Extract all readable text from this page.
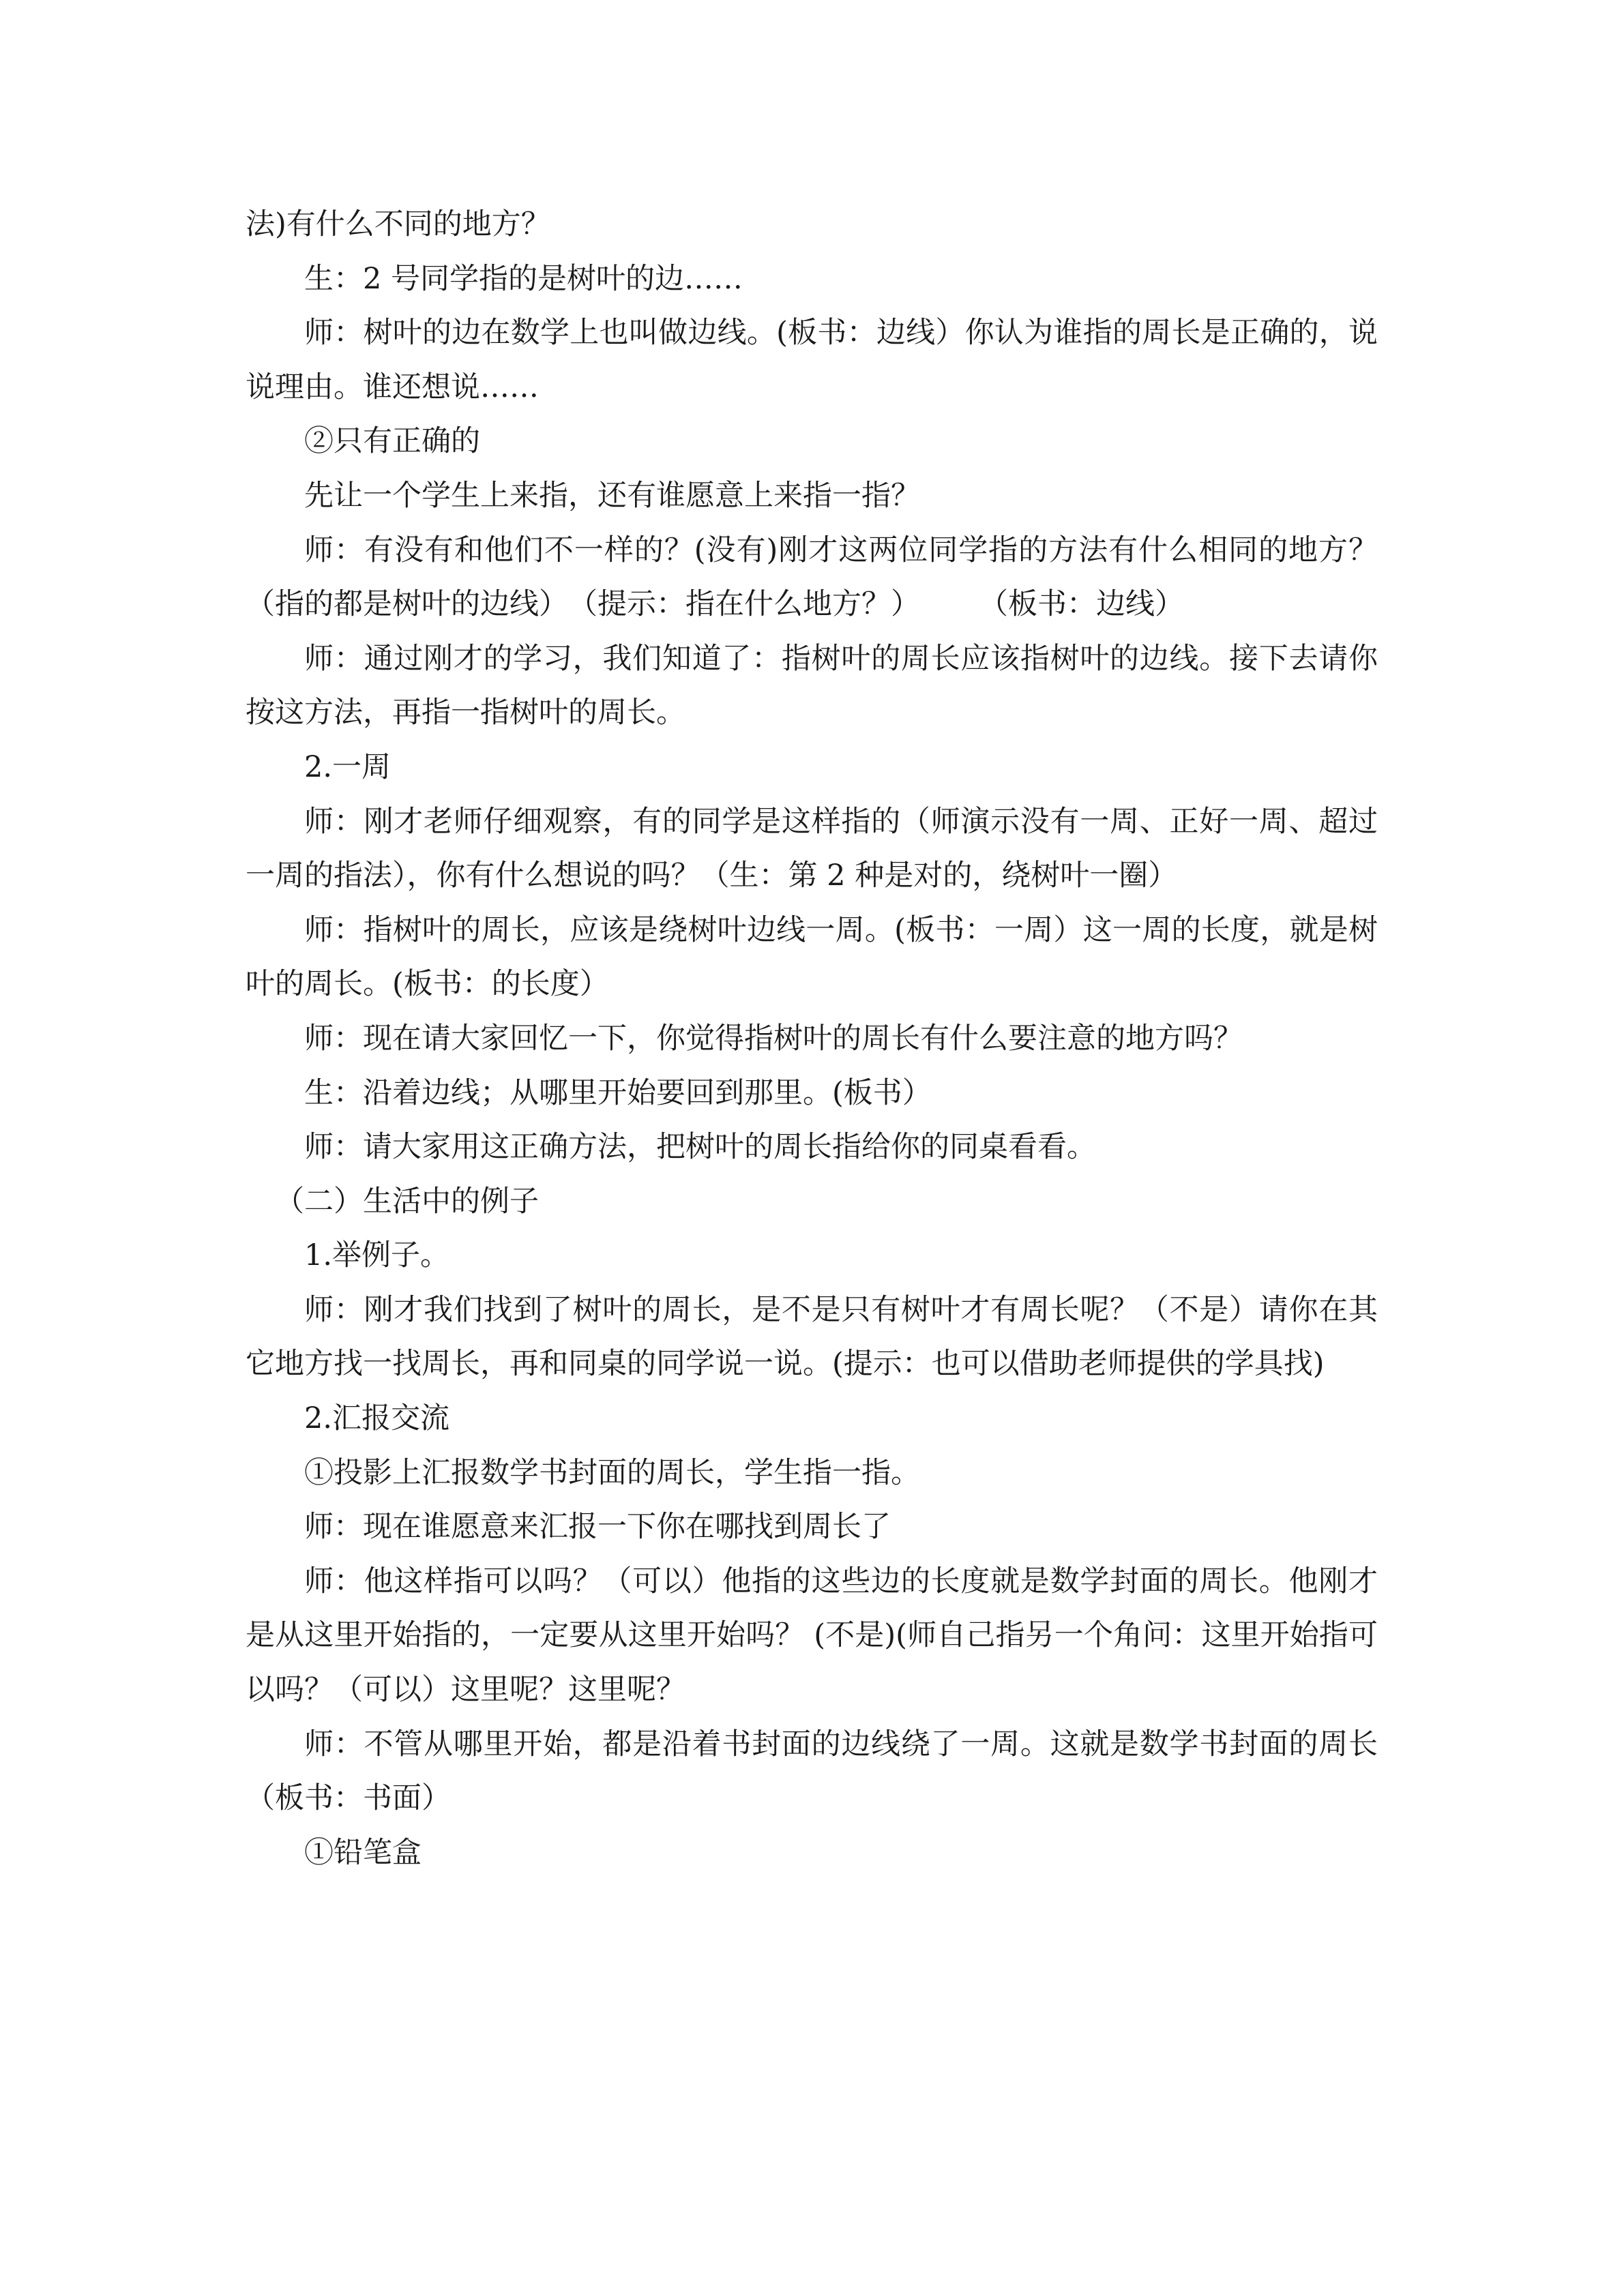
法)有什么不同的地方？

生：2 号同学指的是树叶的边……

师：树叶的边在数学上也叫做边线。(板书：边线）你认为谁指的周长是正确的，说说理由。谁还想说……

②只有正确的

先让一个学生上来指，还有谁愿意上来指一指？

师：有没有和他们不一样的？(没有)刚才这两位同学指的方法有什么相同的地方？（指的都是树叶的边线）　（提示：指在什么地方？）　　　（板书：边线）

师：通过刚才的学习，我们知道了：指树叶的周长应该指树叶的边线。接下去请你按这方法，再指一指树叶的周长。

2.一周

师：刚才老师仔细观察，有的同学是这样指的（师演示没有一周、正好一周、超过一周的指法），你有什么想说的吗？（生：第 2 种是对的，绕树叶一圈）

师：指树叶的周长，应该是绕树叶边线一周。(板书：一周）这一周的长度，就是树叶的周长。(板书：的长度）

师：现在请大家回忆一下，你觉得指树叶的周长有什么要注意的地方吗？

生：沿着边线；从哪里开始要回到那里。(板书）

师：请大家用这正确方法，把树叶的周长指给你的同桌看看。

（二）生活中的例子

1.举例子。

师：刚才我们找到了树叶的周长，是不是只有树叶才有周长呢？（不是）请你在其它地方找一找周长，再和同桌的同学说一说。(提示：也可以借助老师提供的学具找)

2.汇报交流

①投影上汇报数学书封面的周长，学生指一指。

师：现在谁愿意来汇报一下你在哪找到周长了

师：他这样指可以吗？（可以）他指的这些边的长度就是数学封面的周长。他刚才是从这里开始指的，一定要从这里开始吗？ (不是)(师自己指另一个角问：这里开始指可以吗？（可以）这里呢？这里呢？

师：不管从哪里开始，都是沿着书封面的边线绕了一周。这就是数学书封面的周长（板书：书面）

①铅笔盒
